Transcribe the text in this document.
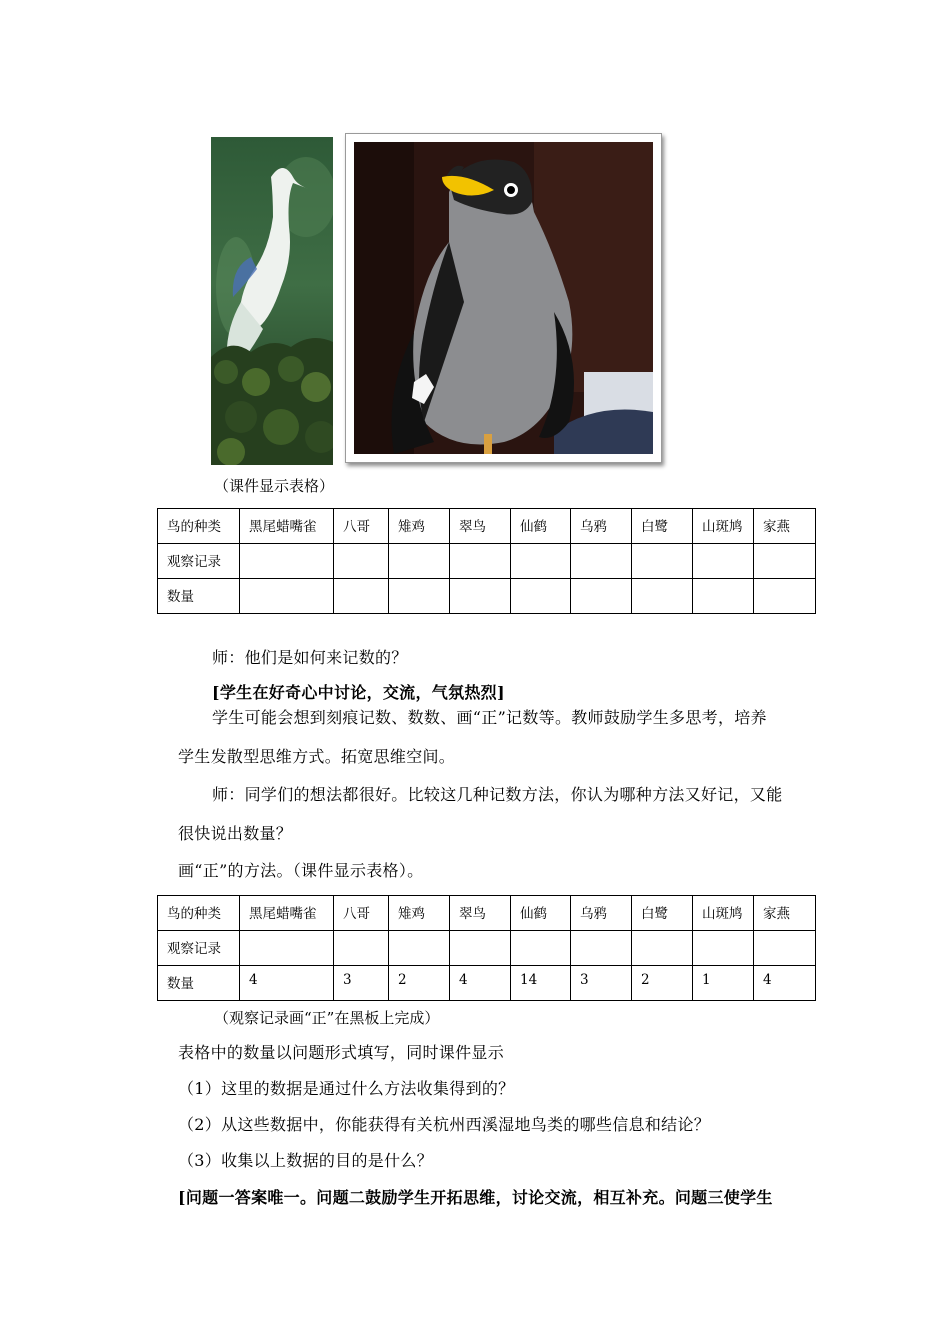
（课件显示表格）
鸟的种类	黑尾蜡嘴雀	八哥	雉鸡	翠鸟	仙鹤	乌鸦	白鹭	山斑鸠	家燕
观察记录									
数量									
师：他们是如何来记数的？
[学生在好奇心中讨论，交流，气氛热烈]
学生可能会想到刻痕记数、数数、画“正”记数等。教师鼓励学生多思考，培养
学生发散型思维方式。拓宽思维空间。
师：同学们的想法都很好。比较这几种记数方法，你认为哪种方法又好记，又能
很快说出数量？
画“正”的方法。（课件显示表格）。
鸟的种类	黑尾蜡嘴雀	八哥	雉鸡	翠鸟	仙鹤	乌鸦	白鹭	山斑鸠	家燕
观察记录									
数量	4	3	2	4	14	3	2	1	4
（观察记录画“正”在黑板上完成）
表格中的数量以问题形式填写，同时课件显示
（1）这里的数据是通过什么方法收集得到的？
（2）从这些数据中，你能获得有关杭州西溪湿地鸟类的哪些信息和结论？
（3）收集以上数据的目的是什么？
[问题一答案唯一。问题二鼓励学生开拓思维，讨论交流，相互补充。问题三使学生
